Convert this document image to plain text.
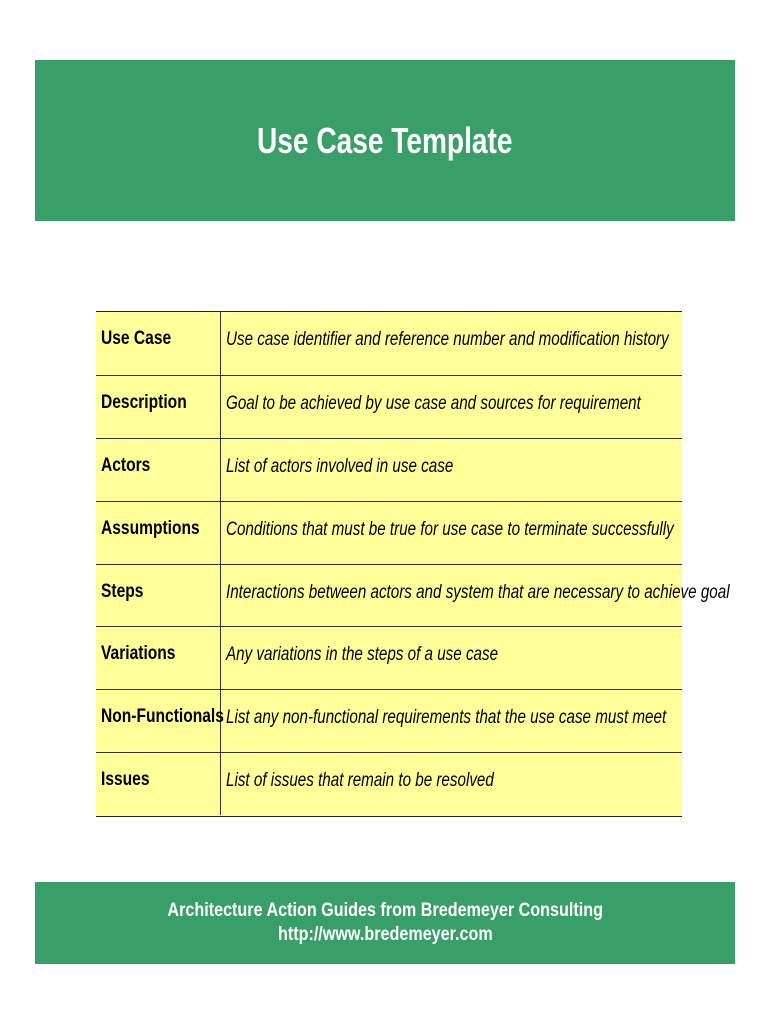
Use Case Template
Use Case	Use case identifier and reference number and modification history
Description Goal to be achieved by use case and sources for requirement
Actors	List of actors involved in use case
Assumptions Conditions that must be true for use case to terminate successfully
Steps	Interactions between actors and system that are necessary to achieve goal
Variations	Any variations in the steps of a use case
Non-Functionals List any non-functional requirements that the use case must meet
Issues	List of issues that remain to be resolved
Architecture Action Guides from Bredemeyer Consulting
http://www.bredemeyer.com
